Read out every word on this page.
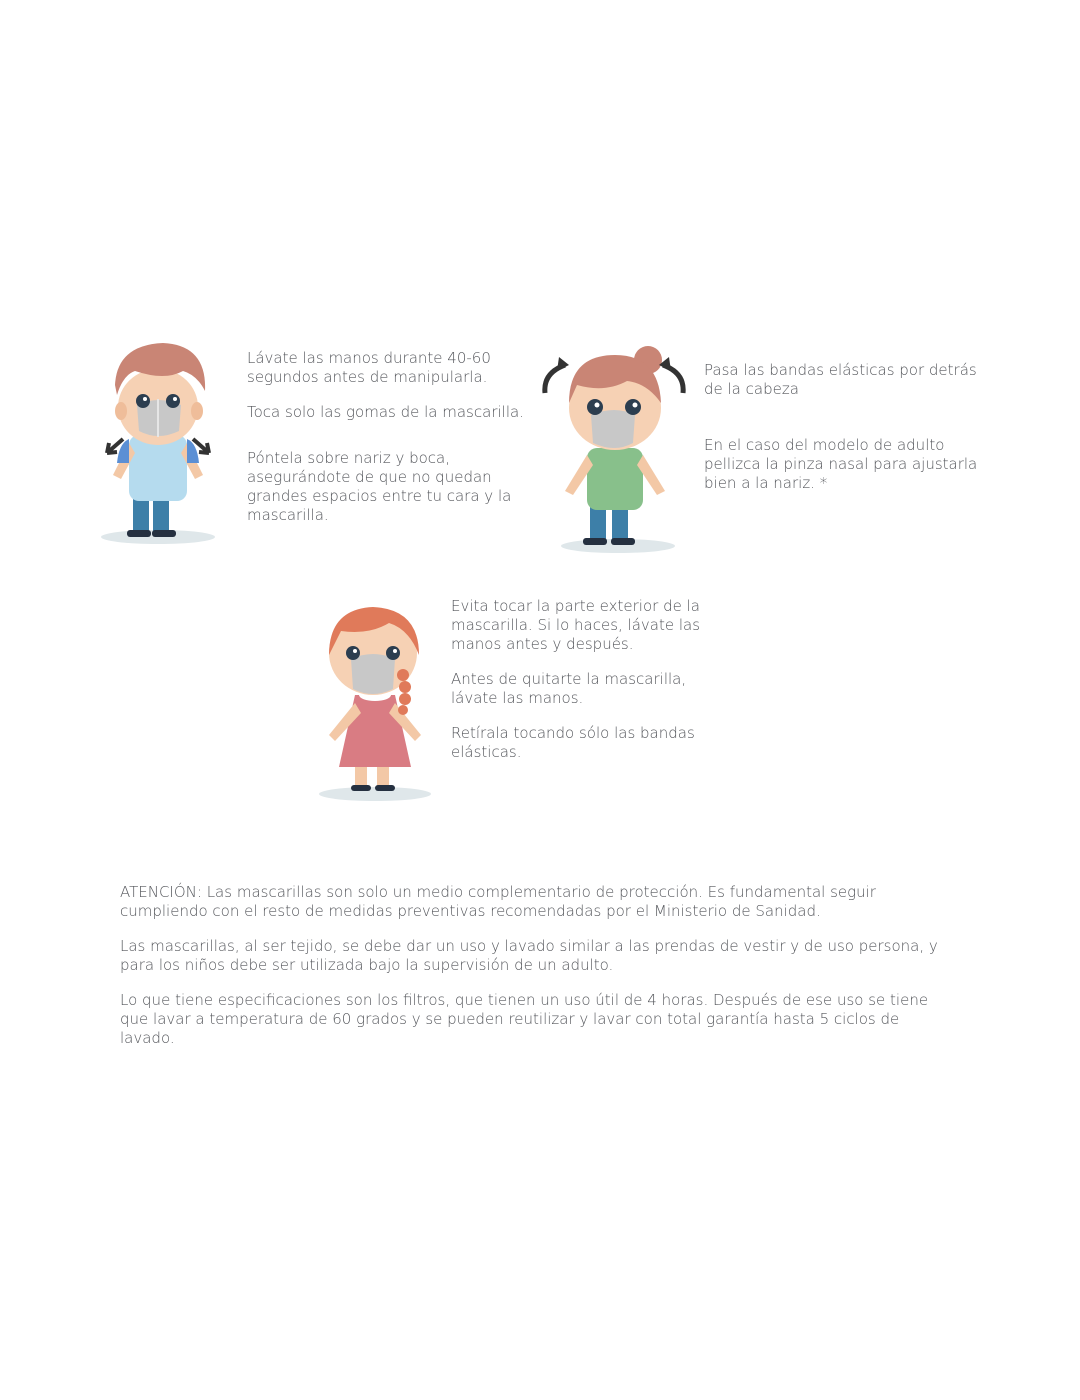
Lávate las manos durante 40-60

segundos antes de manipularla.

Toca solo las gomas de la mascarilla.

Póntela sobre nariz y boca,

asegurándote de que no quedan

grandes espacios entre tu cara y la

mascarilla.

Pasa las bandas elásticas por detrás

de la cabeza

En el caso del modelo de adulto

pellizca la pinza nasal para ajustarla

bien a la nariz. *

Evita tocar la parte exterior de la

mascarilla. Si lo haces, lávate las

manos antes y después.

Antes de quitarte la mascarilla,

lávate las manos.

Retírala tocando sólo las bandas

elásticas.

ATENCIÓN: Las mascarillas son solo un medio complementario de protección. Es fundamental seguir

cumpliendo con el resto de medidas preventivas recomendadas por el Ministerio de Sanidad.

Las mascarillas, al ser tejido, se debe dar un uso y lavado similar a las prendas de vestir y de uso persona, y

para los niños debe ser utilizada bajo la supervisión de un adulto.

Lo que tiene especificaciones son los filtros, que tienen un uso útil de 4 horas. Después de ese uso se tiene

que lavar a temperatura de 60 grados y se pueden reutilizar y lavar con total garantía hasta 5 ciclos de

lavado.
